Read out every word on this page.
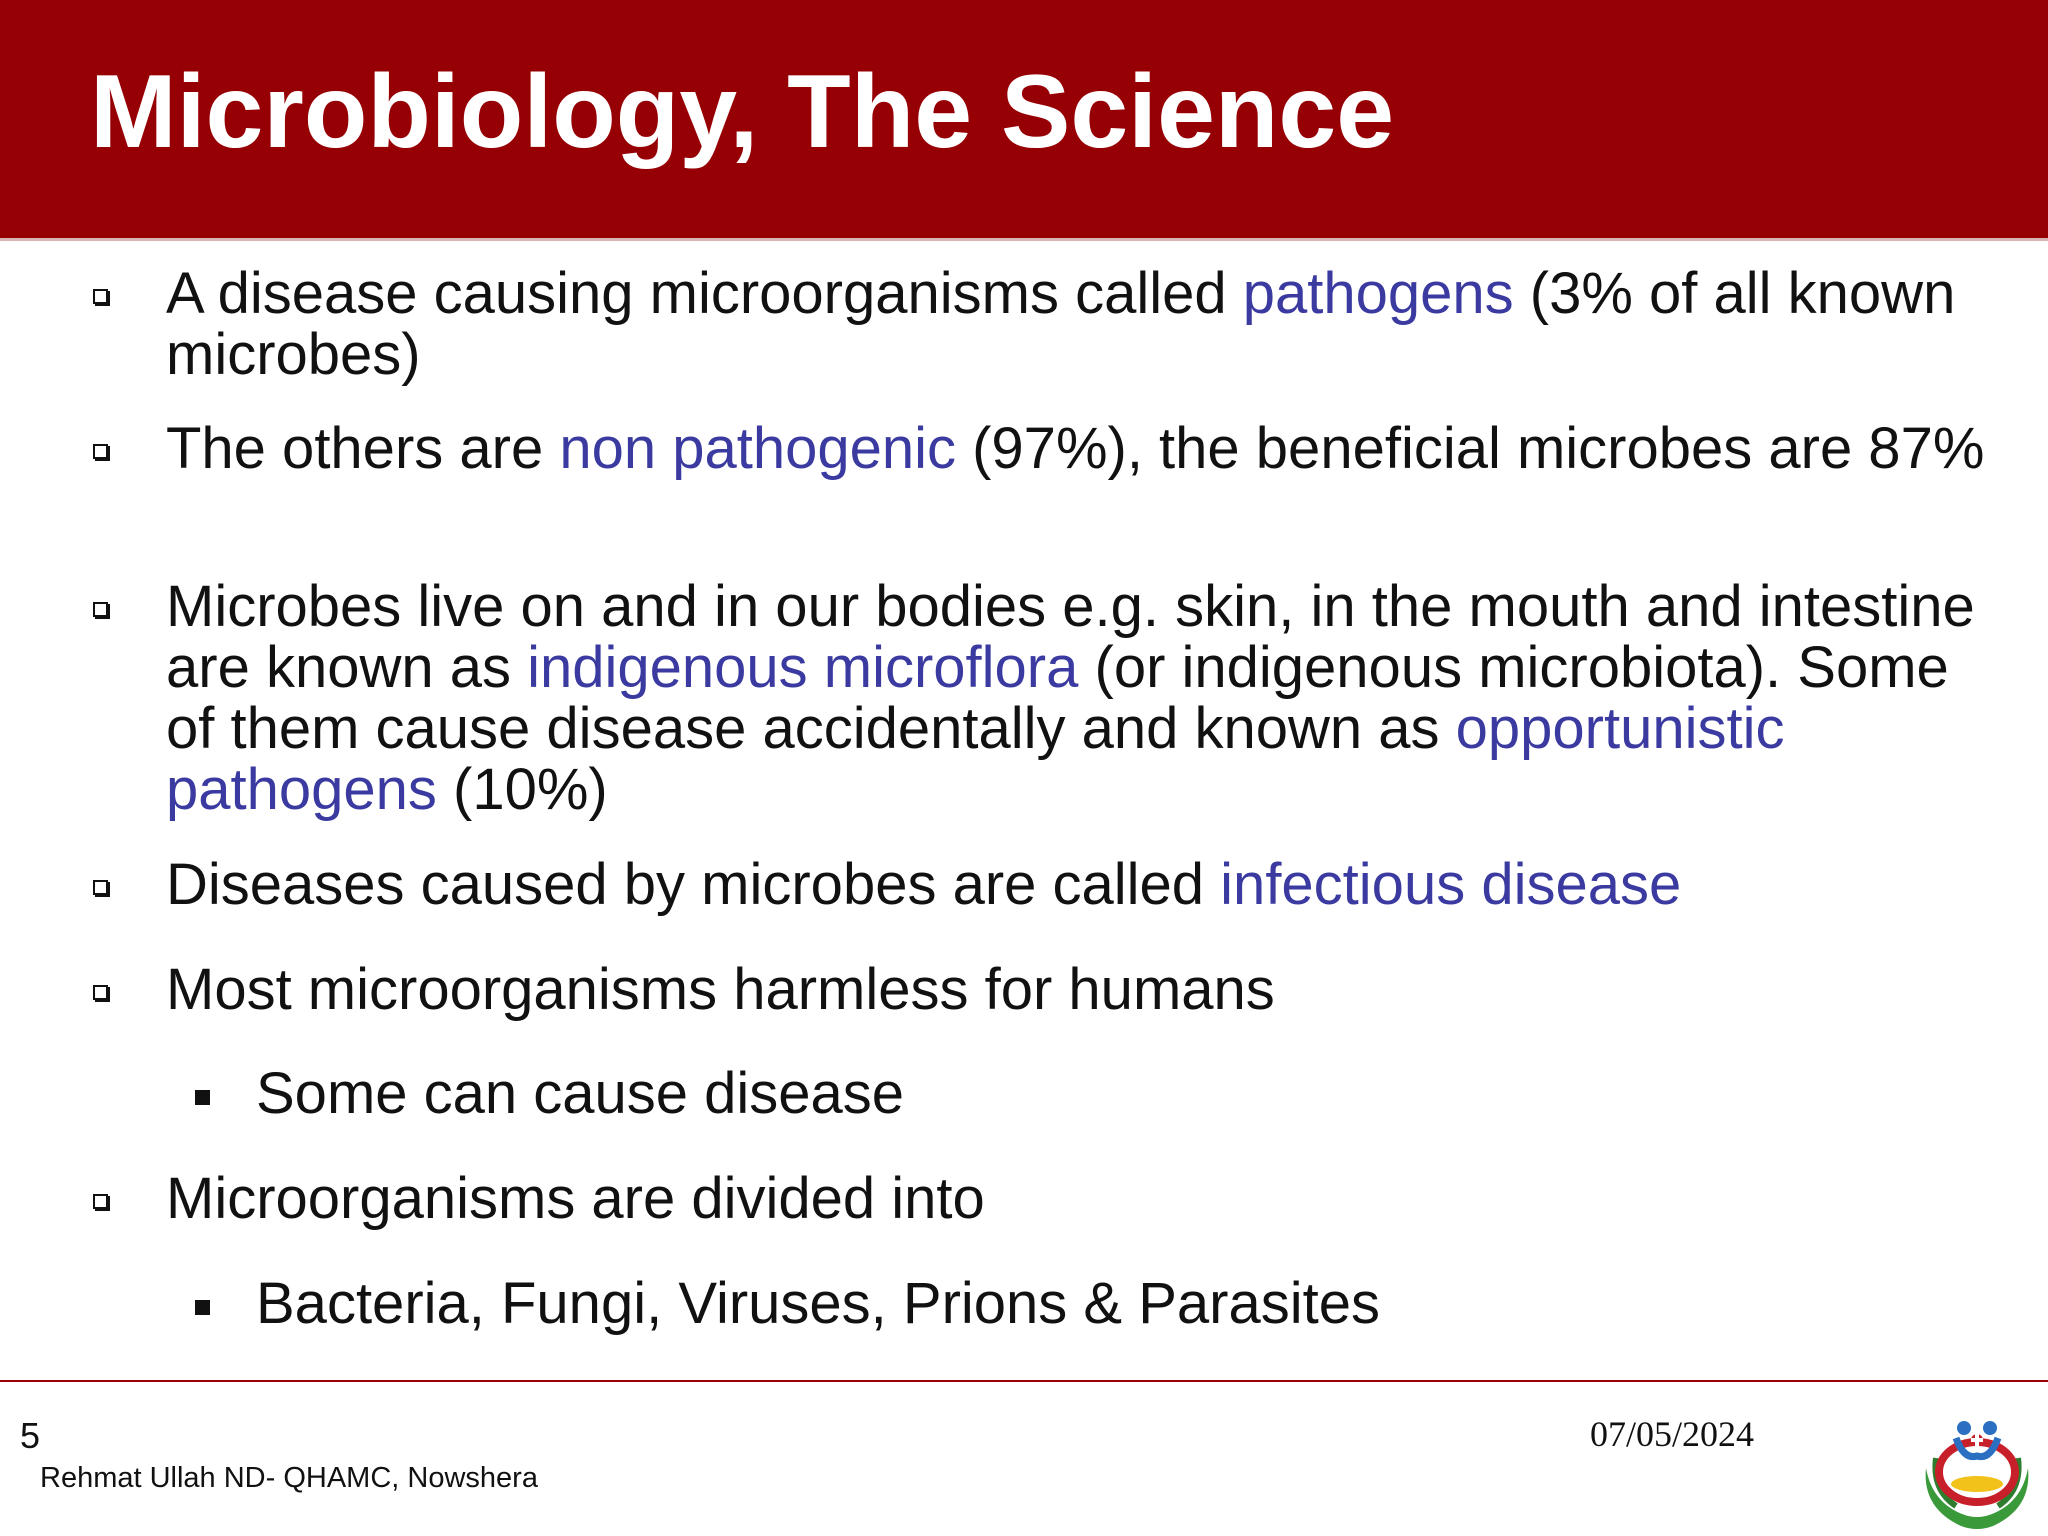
Microbiology, The Science
A disease causing microorganisms called pathogens (3% of all known microbes)
The others are non pathogenic (97%), the beneficial microbes are 87%
Microbes live on and in our bodies e.g. skin, in the mouth and intestine are known as indigenous microflora (or indigenous microbiota). Some of them cause disease accidentally and known as opportunistic pathogens (10%)
Diseases caused by microbes are called infectious disease
Most microorganisms harmless for humans
Some can cause disease
Microorganisms are divided into
Bacteria, Fungi, Viruses, Prions & Parasites
5
Rehmat Ullah ND- QHAMC, Nowshera
07/05/2024
